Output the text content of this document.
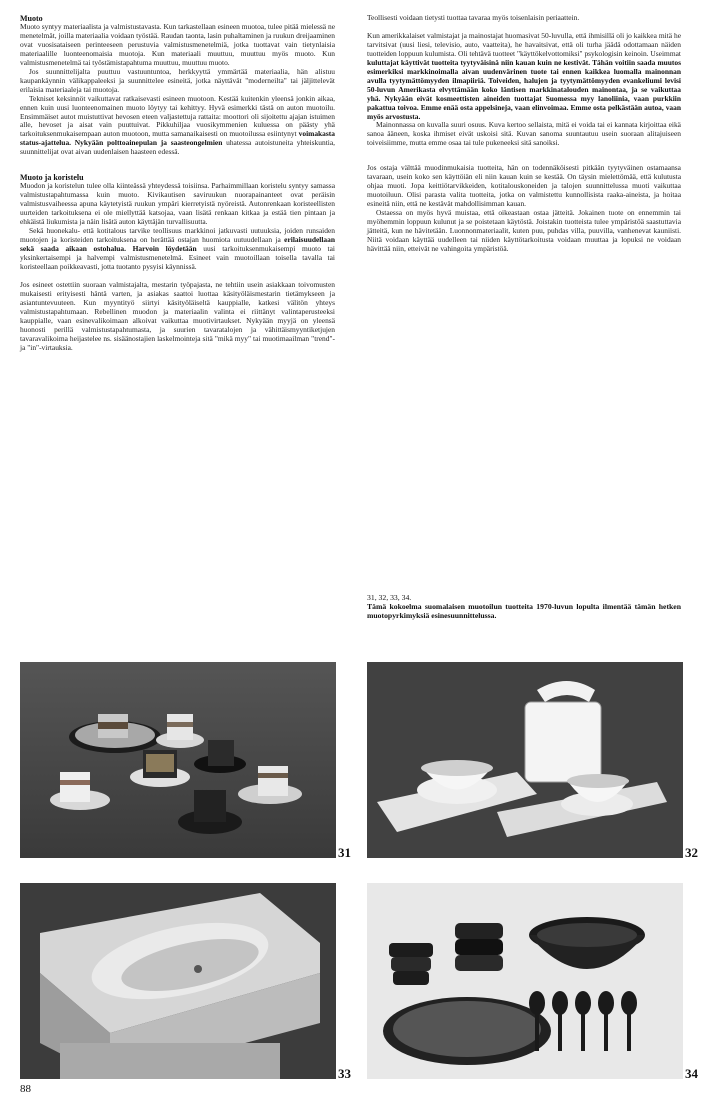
Muoto

Muoto syntyy materiaalista ja valmistustavasta. Kun tarkastellaan esineen muotoa, tulee pitää mielessä ne menetelmät, joilla materiaalia voidaan työstää. Raudan taonta, lasin puhaltaminen ja ruukun dreijaaminen ovat vuosisataiseen perinteeseen perustuvia valmistusmenetelmiä, jotka tuottavat vain tietynlaisia materiaalille luonteenomaisia muotoja. Kun materiaali muuttuu, muuttuu myös muoto. Kun valmistusmenetelmä tai työstämistapahtuma muuttuu, muuttuu muoto.

Jos suunnittelijalta puuttuu vastuuntuntoa, herkkyyttä ymmärtää materiaalia, hän alistuu kaupankäynnin välikappaleeksi ja suunnittelee esineitä, jotka näyttävät "moderneilta" tai jäljittelevät erilaisia materiaaleja tai muotoja.

Tekniset keksinnöt vaikuttavat ratkaisevasti esineen muotoon. Kestää kuitenkin yleensä jonkin aikaa, ennen kuin uusi luonteenomainen muoto löytyy tai kehittyy. Hyvä esimerkki tästä on auton muotoilu. Ensimmäiset autot muistuttivat hevosen eteen valjastettuja rattaita: moottori oli sijoitettu ajajan istuimen alle, hevoset ja aisat vain puuttuivat. Pikkuhiljaa vuosikymmenien kuluessa on päästy yhä tarkoituksenmukaisempaan auton muotoon, mutta samanaikaisesti on muotoilussa esiintynyt voimakasta status-ajattelua. Nykyään polttoainepulan ja saasteongelmien uhatessa autoistuneita yhteiskuntia, suunnittelijat ovat aivan uudenlaisen haasteen edessä.

Muoto ja koristelu

Muodon ja koristelun tulee olla kiinteässä yhteydessä toisiinsa. Parhaimmillaan koristelu syntyy samassa valmistustapahtumassa kuin muoto. Kivikautisen saviruukun nuorapainanteet ovat peräisin valmistusvaiheessa apuna käytetyistä ruukun ympäri kierretyistä nyöreistä. Autonrenkaan koristeellisten uurteiden tarkoituksena ei ole miellyttää katsojaa, vaan lisätä renkaan kitkaa ja estää tien pintaan ja ehkäistä liukumista ja näin lisätä auton käyttäjän turvallisuutta.

Sekä huonekalu- että kotitalous tarvike teollisuus markkinoi jatkuvasti uutuuksia, joiden runsaiden muotojen ja koristeiden tarkoituksena on herättää ostajan huomiota uutuudellaan ja erilaisuudellaan sekä saada aikaan ostohalua. Harvoin löydetään uusi tarkoituksenmukaisempi muoto tai yksinkertaisempi ja halvempi valmistusmenetelmä. Esineet vain muotoillaan toisella tavalla tai koristeellaan poikkeavasti, jotta tuotanto pysyisi käynnissä.

Jos esineet ostettiin suoraan valmistajalta, mestarin työpajasta, ne tehtiin usein asiakkaan toivomusten mukaisesti erityisesti häntä varten, ja asiakas saattoi luottaa käsityöläismestarin tietämykseen ja asiantuntevuuteen. Kun myyntityö siirtyi käsityöläiseltä kauppialle, katkesi välitön yhteys valmistustapahtumaan. Rebellinen muodon ja materiaalin valinta ei riittänyt valintaperusteeksi kauppialle, vaan esinevalikoimaan alkoivat vaikuttaa muotivirtaukset. Nykyään myyjä on yleensä huonosti perillä valmistustapahtumasta, ja suurien tavaratalojen ja vähittäismyyntiketjujen tavaravalikoima heijastelee ns. sisäänostajien laskelmointeja sitä "mikä myy" tai muotimaailman "trend"- ja "in"-virtauksia.

Teollisesti voidaan tietysti tuottaa tavaraa myös toisenlaisin periaattein.

Kun amerikkalaiset valmistajat ja mainostajat huomasivat 50-luvulla, että ihmisillä oli jo kaikkea mitä he tarvitsivat (uusi liesi, televisio, auto, vaatteita), he havaitsivat, että oli turha jäädä odottamaan näiden tuotteiden loppuun kulumista. Oli tehtävä tuotteet "käyttökelvottomiksi" psykologisin keinoin. Useimmat kuluttajat käyttivät tuotteita tyytyväisinä niin kauan kuin ne kestivät. Tähän voitiin saada muutos esimerkiksi markkinoimalla aivan uudenvärinen tuote tai ennen kaikkea luomalla mainonnan avulla tyytymättömyyden ilmapiiriä. Toiveiden, halujen ja tyytymättömyyden evankeliumi levisi 50-luvun Amerikasta elvyttämään koko läntisen markkinatalouden mainontaa, ja se vaikuttaa yhä. Nykyään eivät kosmeettisten aineiden tuottajat Suomessa myy lanoliinia, vaan purkkiin pakattua toivoa. Emme enää osta appelsineja, vaan elinvoimaa. Emme osta pelkästään autoa, vaan myös arvostusta.

Mainonnassa on kuvalla suuri osuus. Kuva kertoo sellaista, mitä ei voida tai ei kannata kirjoittaa eikä sanoa ääneen, koska ihmiset eivät uskoisi sitä. Kuvan sanoma suuntautuu usein suoraan alitajuiseen toiveisiimme, mutta emme osaa tai tule pukeneeksi sitä sanoiksi.

Jos ostaja välttää muodinmukaisia tuotteita, hän on todennäköisesti pitkään tyytyväinen ostamaansa tavaraan, usein koko sen käyttöiän eli niin kauan kuin se kestää. On täysin mielettömää, että kulutusta ohjaa muoti. Jopa keittiötarvikkeiden, kotitalouskoneiden ja talojen suunnittelussa muoti vaikuttaa muotoiluun. Olisi parasta valita tuotteita, jotka on valmistettu kunnollisista raaka-aineista, ja hoitaa esineitä niin, että ne kestävät mahdollisimman kauan.

Ostaessa on myös hyvä muistaa, että oikeastaan ostaa jätteitä. Jokainen tuote on ennemmin tai myöhemmin loppuun kulunut ja se poistetaan käytöstä. Joistakin tuotteista tulee ympäristöä saastuttavia jätteitä, kun ne hävitetään. Luonnonmateriaalit, kuten puu, puhdas villa, puuvilla, vanhenevat kauniisti. Niitä voidaan käyttää uudelleen tai niiden käyttötarkoitusta voidaan muuttaa ja lopuksi ne voidaan hävittää niin, etteivät ne vahingoita ympäristöä.

31, 32, 33, 34.
Tämä kokoelma suomalaisen muotoilun tuotteita 1970-luvun lopulta ilmentää tämän hetken muotopyrkimyksiä esinesuunnittelussa.
31	32
33	34
88
